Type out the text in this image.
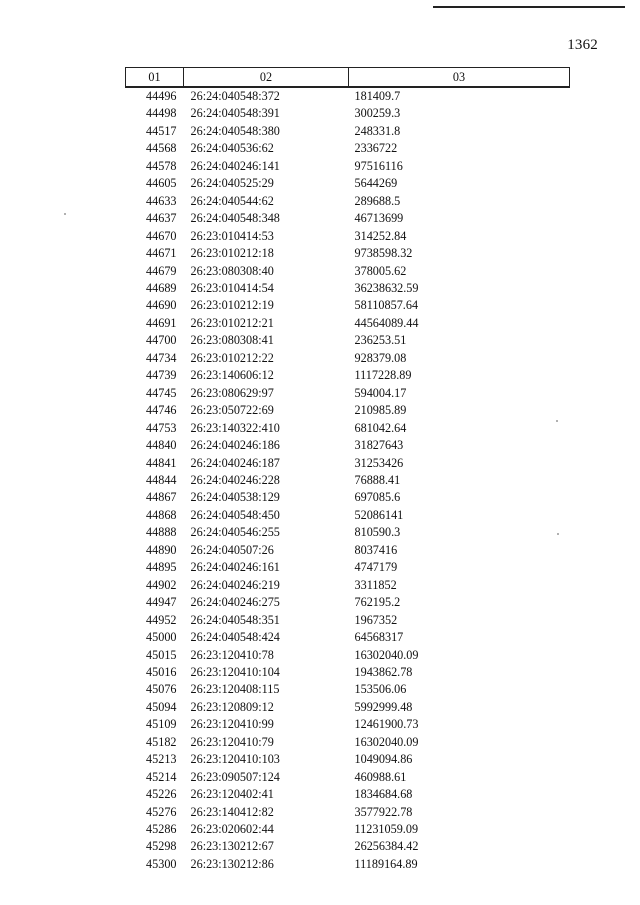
1362
01	02	03
44496	26:24:040548:372	181409.7
44498	26:24:040548:391	300259.3
44517	26:24:040548:380	248331.8
44568	26:24:040536:62	2336722
44578	26:24:040246:141	97516116
44605	26:24:040525:29	5644269
44633	26:24:040544:62	289688.5
44637	26:24:040548:348	46713699
44670	26:23:010414:53	314252.84
44671	26:23:010212:18	9738598.32
44679	26:23:080308:40	378005.62
44689	26:23:010414:54	36238632.59
44690	26:23:010212:19	58110857.64
44691	26:23:010212:21	44564089.44
44700	26:23:080308:41	236253.51
44734	26:23:010212:22	928379.08
44739	26:23:140606:12	1117228.89
44745	26:23:080629:97	594004.17
44746	26:23:050722:69	210985.89
44753	26:23:140322:410	681042.64
44840	26:24:040246:186	31827643
44841	26:24:040246:187	31253426
44844	26:24:040246:228	76888.41
44867	26:24:040538:129	697085.6
44868	26:24:040548:450	52086141
44888	26:24:040546:255	810590.3
44890	26:24:040507:26	8037416
44895	26:24:040246:161	4747179
44902	26:24:040246:219	3311852
44947	26:24:040246:275	762195.2
44952	26:24:040548:351	1967352
45000	26:24:040548:424	64568317
45015	26:23:120410:78	16302040.09
45016	26:23:120410:104	1943862.78
45076	26:23:120408:115	153506.06
45094	26:23:120809:12	5992999.48
45109	26:23:120410:99	12461900.73
45182	26:23:120410:79	16302040.09
45213	26:23:120410:103	1049094.86
45214	26:23:090507:124	460988.61
45226	26:23:120402:41	1834684.68
45276	26:23:140412:82	3577922.78
45286	26:23:020602:44	11231059.09
45298	26:23:130212:67	26256384.42
45300	26:23:130212:86	11189164.89
